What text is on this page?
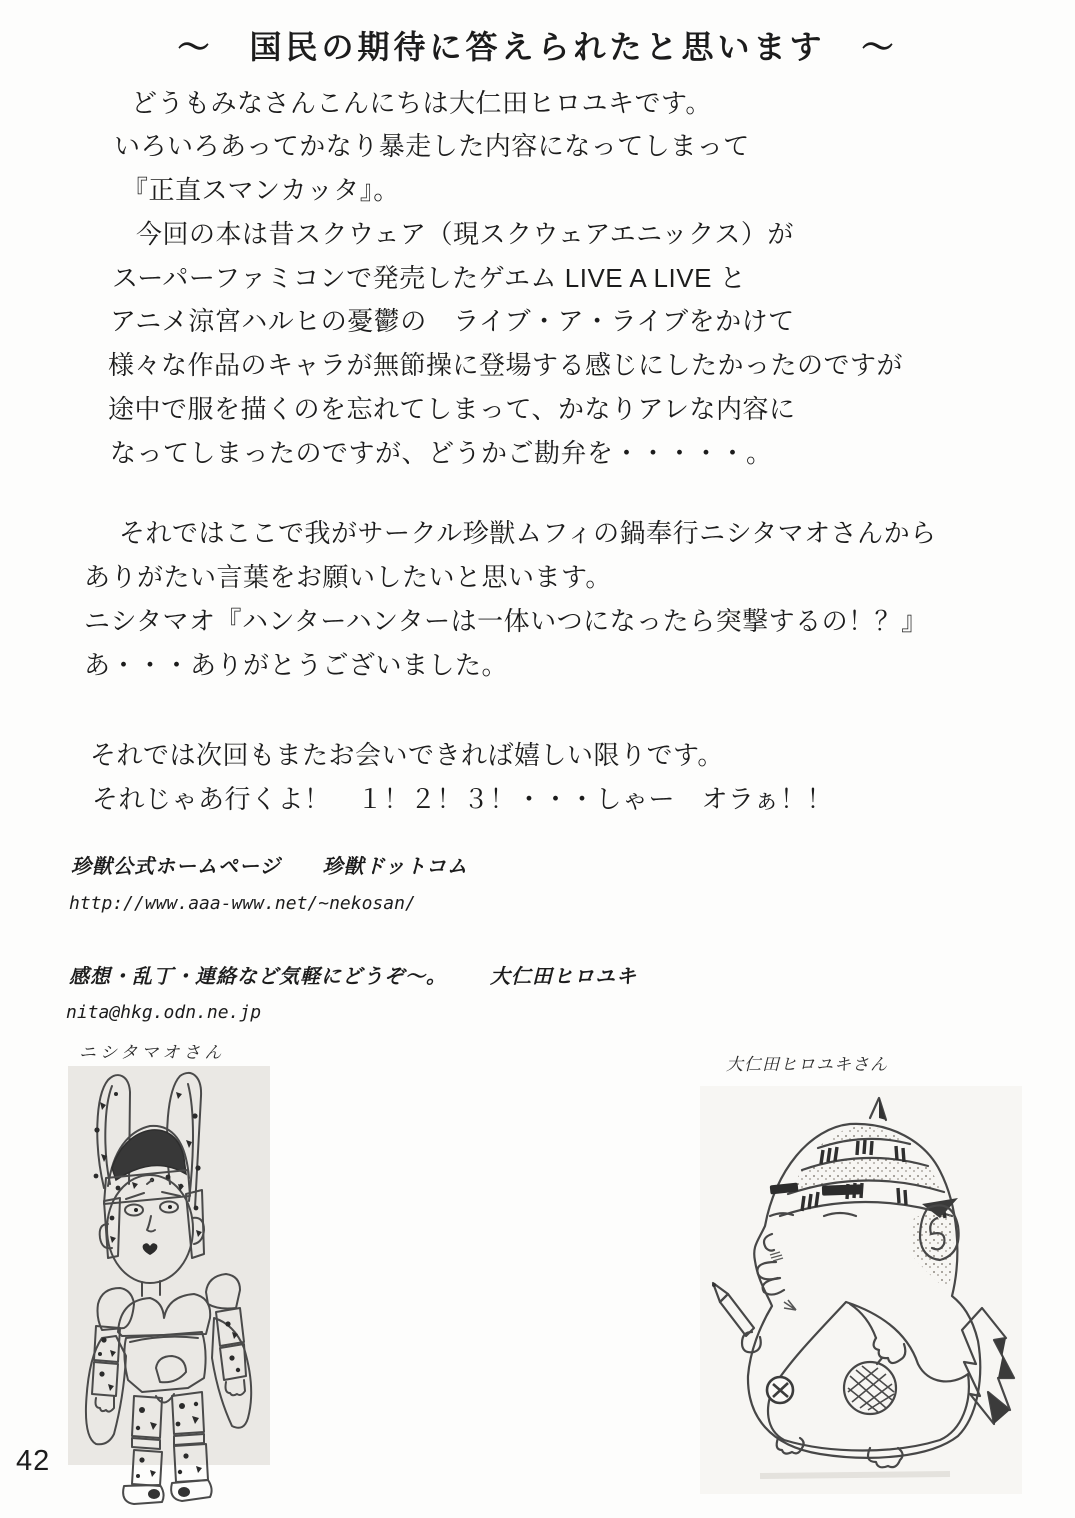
～　国民の期待に答えられたと思います　～
どうもみなさんこんにちは大仁田ヒロユキです。
いろいろあってかなり暴走した内容になってしまって
『正直スマンカッタ』。
今回の本は昔スクウェア（現スクウェアエニックス）が
スーパーファミコンで発売したゲエム LIVE A LIVE と
アニメ涼宮ハルヒの憂鬱の　ライブ・ア・ライブをかけて
様々な作品のキャラが無節操に登場する感じにしたかったのですが
途中で服を描くのを忘れてしまって、かなりアレな内容に
なってしまったのですが、どうかご勘弁を・・・・・。
それではここで我がサークル珍獣ムフィの鍋奉行ニシタマオさんから
ありがたい言葉をお願いしたいと思います。
ニシタマオ『ハンターハンターは一体いつになったら突撃するの！？』
あ・・・ありがとうございました。
それでは次回もまたお会いできれば嬉しい限りです。
それじゃあ行くよ！　１！２！３！・・・しゃー　オラぁ！！
珍獣公式ホームページ　　珍獣ドットコム
http://www.aaa-www.net/~nekosan/
感想・乱丁・連絡など気軽にどうぞ～。 大仁田ヒロユキ
nita@hkg.odn.ne.jp
ニシタマオさん
大仁田ヒロユキさん
42
